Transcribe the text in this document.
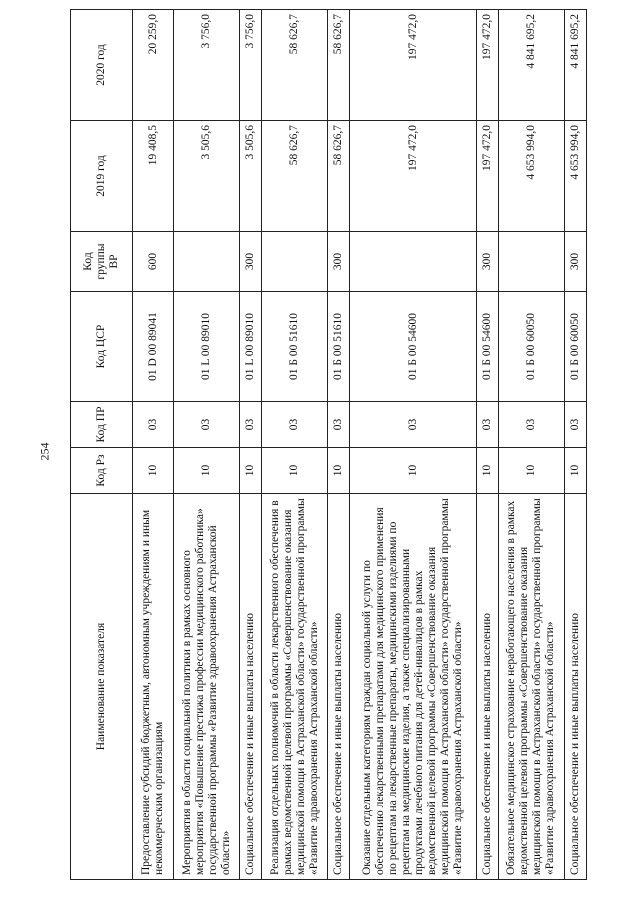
254
Наименование показателя	Код Рз	Код ПР	Код ЦСР	Код группы ВР	2019 год	2020 год
Предоставление субсидий бюджетным, автономным учреждениям и иным некоммерческим организациям	10	03	01 D 00 89041	600	19 408,5	20 259,0
Мероприятия в области социальной политики в рамках основного мероприятия «Повышение престижа профессии медицинского работника» государственной программы «Развитие здравоохранения Астраханской области»	10	03	01 L 00 89010		3 505,6	3 756,0
Социальное обеспечение и иные выплаты населению	10	03	01 L 00 89010	300	3 505,6	3 756,0
Реализация отдельных полномочий в области лекарственного обеспечения в рамках ведомственной целевой программы «Совершенствование оказания медицинской помощи в Астраханской области» государственной программы «Развитие здравоохранения Астраханской области»	10	03	01 Б 00 51610		58 626,7	58 626,7
Социальное обеспечение и иные выплаты населению	10	03	01 Б 00 51610	300	58 626,7	58 626,7
Оказание отдельным категориям граждан социальной услуги по обеспечению лекарственными препаратами для медицинского применения по рецептам на лекарственные препараты, медицинскими изделиями по рецептам на медицинские изделия, а также специализированными продуктами лечебного питания для детей-инвалидов в рамках ведомственной целевой программы «Совершенствование оказания медицинской помощи в Астраханской области» государственной программы «Развитие здравоохранения Астраханской области»	10	03	01 Б 00 54600		197 472,0	197 472,0
Социальное обеспечение и иные выплаты населению	10	03	01 Б 00 54600	300	197 472,0	197 472,0
Обязательное медицинское страхование неработающего населения в рамках ведомственной целевой программы «Совершенствование оказания медицинской помощи в Астраханской области» государственной программы «Развитие здравоохранения Астраханской области»	10	03	01 Б 00 60050		4 653 994,0	4 841 695,2
Социальное обеспечение и иные выплаты населению	10	03	01 Б 00 60050	300	4 653 994,0	4 841 695,2
